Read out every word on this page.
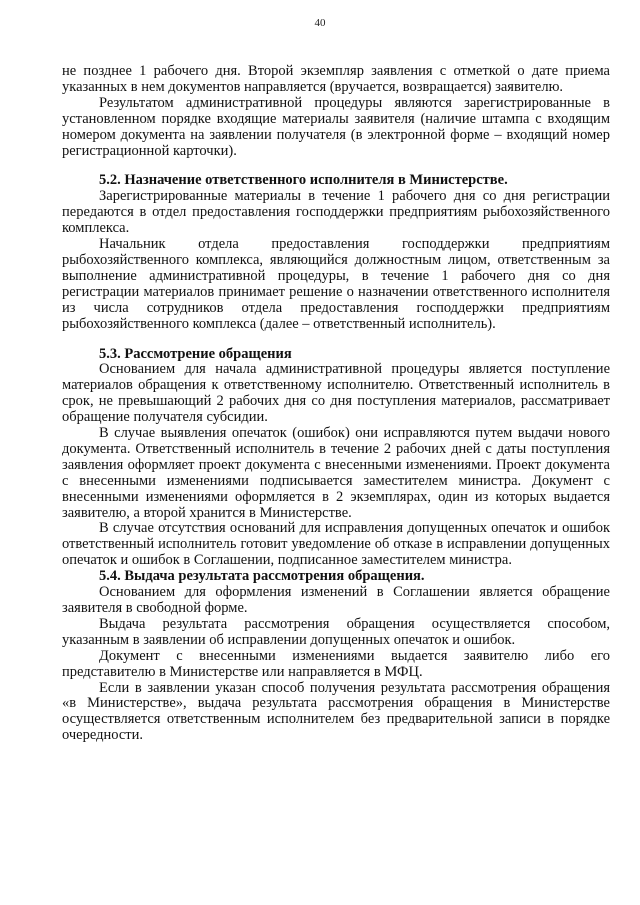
40

не позднее 1 рабочего дня. Второй экземпляр заявления с отметкой о дате приема указанных в нем документов направляется (вручается, возвращается) заявителю.

Результатом административной процедуры являются зарегистрированные в установленном порядке входящие материалы заявителя (наличие штампа с входящим номером документа на заявлении получателя (в электронной форме – входящий номер регистрационной карточки).

5.2. Назначение ответственного исполнителя в Министерстве.

Зарегистрированные материалы в течение 1 рабочего дня со дня регистрации передаются в отдел предоставления господдержки предприятиям рыбохозяйственного комплекса.

Начальник отдела предоставления господдержки предприятиям рыбохозяйственного комплекса, являющийся должностным лицом, ответственным за выполнение административной процедуры, в течение 1 рабочего дня со дня регистрации материалов принимает решение о назначении ответственного исполнителя из числа сотрудников отдела предоставления господдержки предприятиям рыбохозяйственного комплекса (далее – ответственный исполнитель).

5.3. Рассмотрение обращения

Основанием для начала административной процедуры является поступление материалов обращения к ответственному исполнителю. Ответственный исполнитель в срок, не превышающий 2 рабочих дня со дня поступления материалов, рассматривает обращение получателя субсидии.

В случае выявления опечаток (ошибок) они исправляются путем выдачи нового документа. Ответственный исполнитель в течение 2 рабочих дней с даты поступления заявления оформляет проект документа с внесенными изменениями. Проект документа с внесенными изменениями подписывается заместителем министра. Документ с внесенными изменениями оформляется в 2 экземплярах, один из которых выдается заявителю, а второй хранится в Министерстве.

В случае отсутствия оснований для исправления допущенных опечаток и ошибок ответственный исполнитель готовит уведомление об отказе в исправлении допущенных опечаток и ошибок в Соглашении, подписанное заместителем министра.

5.4. Выдача результата рассмотрения обращения.

Основанием для оформления изменений в Соглашении является обращение заявителя в свободной форме.

Выдача результата рассмотрения обращения осуществляется способом, указанным в заявлении об исправлении допущенных опечаток и ошибок.

Документ с внесенными изменениями выдается заявителю либо его представителю в Министерстве или направляется в МФЦ.

Если в заявлении указан способ получения результата рассмотрения обращения «в Министерстве», выдача результата рассмотрения обращения в Министерстве осуществляется ответственным исполнителем без предварительной записи в порядке очередности.
